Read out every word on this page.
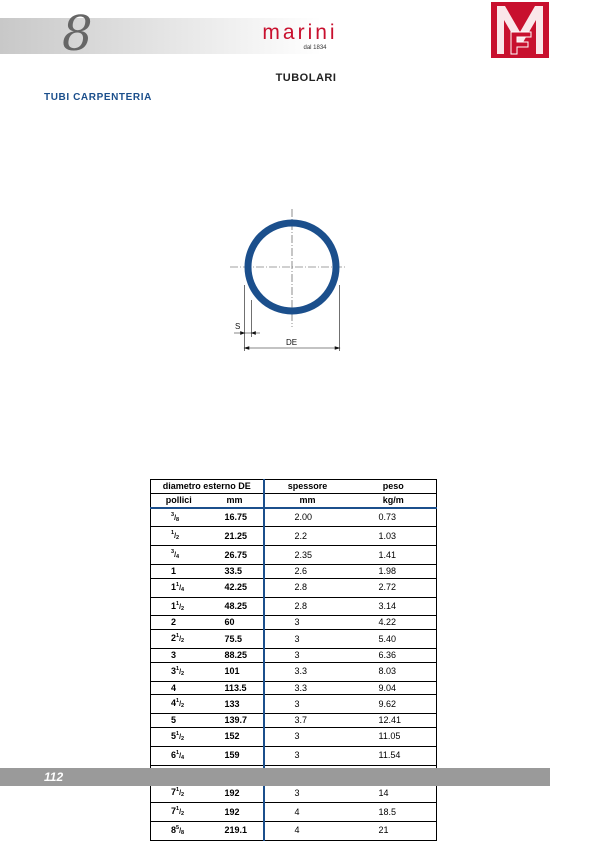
8	marini
dal 1834
TUBOLARI
TUBI CARPENTERIA
S
DE
diametro esterno DE		spessore	peso
pollici	mm	mm	kg/m
$^3/_8$	16.75	2.00	0.73
$^1/_2$	21.25	2.2	1.03
$^3/_4$	26.75	2.35	1.41
1	33.5	2.6	1.98
$1^1/_4$	42.25	2.8	2.72
$1^1/_2$	48.25	2.8	3.14
2	60	3	4.22
$2^1/_2$	75.5	3	5.40
3	88.25	3	6.36
$3^1/_2$	101	3.3	8.03
4	113.5	3.3	9.04
$4^1/_2$	133	3	9.62
5	139.7	3.7	12.41
$5^1/_2$	152	3	11.05
$6^1/_4$	159	3	11.54

$7^1/_2$	192	3	14
$7^1/_2$	192	4	18.5
$8^5/_8$	219.1	4	21
112
